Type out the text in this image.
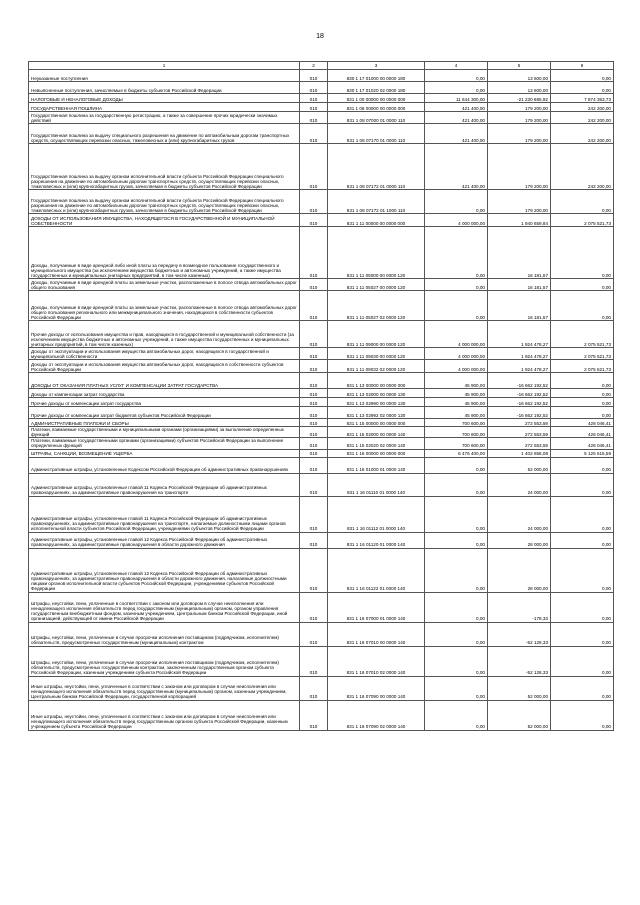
18
1	2	3	4	5	6
Неуказанные поступления	010	830 1 17 01000 00 0000 180	0,00	13 600,00	0,00
Невыясненные поступления, зачисляемые в бюджеты субъектов Российской Федерации	010	830 1 17 01020 02 0000 180	0,00	13 600,00	0,00
НАЛОГОВЫЕ И НЕНАЛОГОВЫЕ ДОХОДЫ	010	831 1 00 00000 00 0000 000	11 644 300,00	-21 230 685,92	7 874 353,73
ГОСУДАРСТВЕННАЯ ПОШЛИНА	010	831 1 08 00000 00 0000 000	421 400,00	179 200,00	242 200,00
Государственная пошлина за государственную регистрацию, а также за совершение прочих юридически значимых действий	010	831 1 08 07000 01 0000 110	421 400,00	179 200,00	242 200,00
Государственная пошлина за выдачу специального разрешения на движение по автомобильным дорогам транспортных средств, осуществляющих перевозки опасных, тяжеловесных и (или) крупногабаритных грузов	010	831 1 08 07170 01 0000 110	421 400,00	179 200,00	242 200,00
Государственная пошлина за выдачу органом исполнительной власти субъекта Российской Федерации специального разрешения на движение по автомобильным дорогам транспортных средств, осуществляющих перевозки опасных, тяжеловесных и (или) крупногабаритных грузов, зачисляемая в бюджеты субъектов Российской Федерации	010	831 1 08 07172 01 0000 110	421 400,00	179 200,00	242 200,00
Государственная пошлина за выдачу органом исполнительной власти субъекта Российской Федерации специального разрешения на движение по автомобильным дорогам транспортных средств, осуществляющих перевозки опасных, тяжеловесных и (или) крупногабаритных грузов, зачисляемая в бюджеты субъектов Российской Федерации	010	831 1 08 07172 01 1000 110	0,00	179 200,00	0,00
ДОХОДЫ ОТ ИСПОЛЬЗОВАНИЯ ИМУЩЕСТВА, НАХОДЯЩЕГОСЯ В ГОСУДАРСТВЕННОЙ И МУНИЦИПАЛЬНОЙ СОБСТВЕННОСТИ	010	831 1 11 00000 00 0000 000	4 000 000,00	1 940 659,84	2 075 521,73
Доходы, получаемые в виде арендной либо иной платы за передачу в возмездное пользование государственного и муниципального имущества (за исключением имущества бюджетных и автономных учреждений, а также имущества государственных и муниципальных унитарных предприятий, в том числе казенных)	010	831 1 11 05000 00 0000 120	0,00	16 181,57	0,00
Доходы, получаемые в виде арендной платы за земельные участки, расположенные в полосе отвода автомобильных дорог общего пользования	010	831 1 11 05027 00 0000 120	0,00	16 181,57	0,00
Доходы, получаемые в виде арендной платы за земельные участки, расположенные в полосе отвода автомобильных дорог общего пользования регионального или межмуниципального значения, находящихся в собственности субъектов Российской Федерации	010	831 1 11 05027 02 0000 120	0,00	16 181,57	0,00
Прочие доходы от использования имущества и прав, находящихся в государственной и муниципальной собственности (за исключением имущества бюджетных и автономных учреждений, а также имущества государственных и муниципальных унитарных предприятий, в том числе казенных)	010	831 1 11 09000 00 0000 120	4 000 000,00	1 924 478,27	2 075 521,73
Доходы от эксплуатации и использования имущества автомобильных дорог, находящихся в государственной и муниципальной собственности	010	831 1 11 09030 00 0000 120	4 000 000,00	1 924 478,27	2 075 521,73
Доходы от эксплуатации и использования имущества автомобильных дорог, находящихся в собственности субъектов Российской Федерации	010	831 1 11 09032 02 0000 120	4 000 000,00	1 924 478,27	2 075 521,73
ДОХОДЫ ОТ ОКАЗАНИЯ ПЛАТНЫХ УСЛУГ И КОМПЕНСАЦИИ ЗАТРАТ ГОСУДАРСТВА	010	831 1 13 00000 00 0000 000	45 900,00	-16 662 192,52	0,00
Доходы от компенсации затрат государства	010	831 1 13 02000 00 0000 130	45 900,00	-16 662 192,52	0,00
Прочие доходы от компенсации затрат государства	010	831 1 13 02990 00 0000 130	45 900,00	-16 662 192,52	0,00
Прочие доходы от компенсации затрат бюджетов субъектов Российской Федерации	010	831 1 13 02992 02 0000 130	45 900,00	-16 662 192,52	0,00
АДМИНИСТРАТИВНЫЕ ПЛАТЕЖИ И СБОРЫ	010	831 1 15 00000 00 0000 000	700 600,00	272 553,59	428 046,41
Платежи, взимаемые государственными и муниципальными органами (организациями) за выполнение определенных функций	010	831 1 15 02000 00 0000 140	700 600,00	272 553,59	428 046,41
Платежи, взимаемые государственными органами (организациями) субъектов Российской Федерации за выполнение определенных функций	010	831 1 15 02020 02 0000 140	700 600,00	272 553,59	428 046,41
ШТРАФЫ, САНКЦИИ, ВОЗМЕЩЕНИЕ УЩЕРБА	010	831 1 16 00000 00 0000 000	6 476 400,00	1 402 656,08	5 125 615,59
Административные штрафы, установленные Кодексом Российской Федерации об административных правонарушениях	010	831 1 16 01000 01 0000 140	0,00	52 000,00	0,00
Административные штрафы, установленные главой 11 Кодекса Российской Федерации об административных правонарушениях, за административные правонарушения на транспорте	010	831 1 16 01110 01 0000 140	0,00	24 000,00	0,00
Административные штрафы, установленные главой 11 Кодекса Российской Федерации об административных правонарушениях, за административные правонарушения на транспорте, налагаемые должностными лицами органов исполнительной власти субъектов Российской Федерации, учреждениями субъектов Российской Федерации	010	831 1 16 01112 01 0000 140	0,00	24 000,00	0,00
Административные штрафы, установленные главой 12 Кодекса Российской Федерации об административных правонарушениях, за административные правонарушения в области дорожного движения	010	831 1 16 01120 01 0000 140	0,00	28 000,00	0,00
Административные штрафы, установленные главой 12 Кодекса Российской Федерации об административных правонарушениях, за административные правонарушения в области дорожного движения, налагаемые должностными лицами органов исполнительной власти субъектов Российской Федерации, учреждениями субъектов Российской Федерации	010	831 1 16 01122 01 0000 140	0,00	28 000,00	0,00
Штрафы, неустойки, пени, уплаченные в соответствии с законом или договором в случае неисполнения или ненадлежащего исполнения обязательств перед государственным (муниципальным) органом, органом управления государственным внебюджетным фондом, казенным учреждением, Центральным банком Российской Федерации, иной организацией, действующей от имени Российской Федерации	010	831 1 16 07000 01 0000 140	0,00	-178,33	0,00
Штрафы, неустойки, пени, уплаченные в случае просрочки исполнения поставщиком (подрядчиком, исполнителем) обязательств, предусмотренных государственным (муниципальным) контрактом	010	831 1 16 07010 00 0000 140	0,00	-52 128,33	0,00
Штрафы, неустойки, пени, уплаченные в случае просрочки исполнения поставщиком (подрядчиком, исполнителем) обязательств, предусмотренных государственным контрактом, заключенным государственным органом субъекта Российской Федерации, казенным учреждением субъекта Российской Федерации	010	831 1 16 07010 02 0000 140	0,00	-52 128,33	0,00
Иные штрафы, неустойки, пени, уплаченные в соответствии с законом или договором в случае неисполнения или ненадлежащего исполнения обязательств перед государственным (муниципальным) органом, казенным учреждением, Центральным банком Российской Федерации, государственной корпорацией	010	831 1 16 07090 00 0000 140	0,00	52 000,00	0,00
Иные штрафы, неустойки, пени, уплаченные в соответствии с законом или договором в случае неисполнения или ненадлежащего исполнения обязательств перед государственным органом субъекта Российской Федерации, казенным учреждением субъекта Российской Федерации	010	831 1 16 07090 02 0000 140	0,00	52 000,00	0,00
